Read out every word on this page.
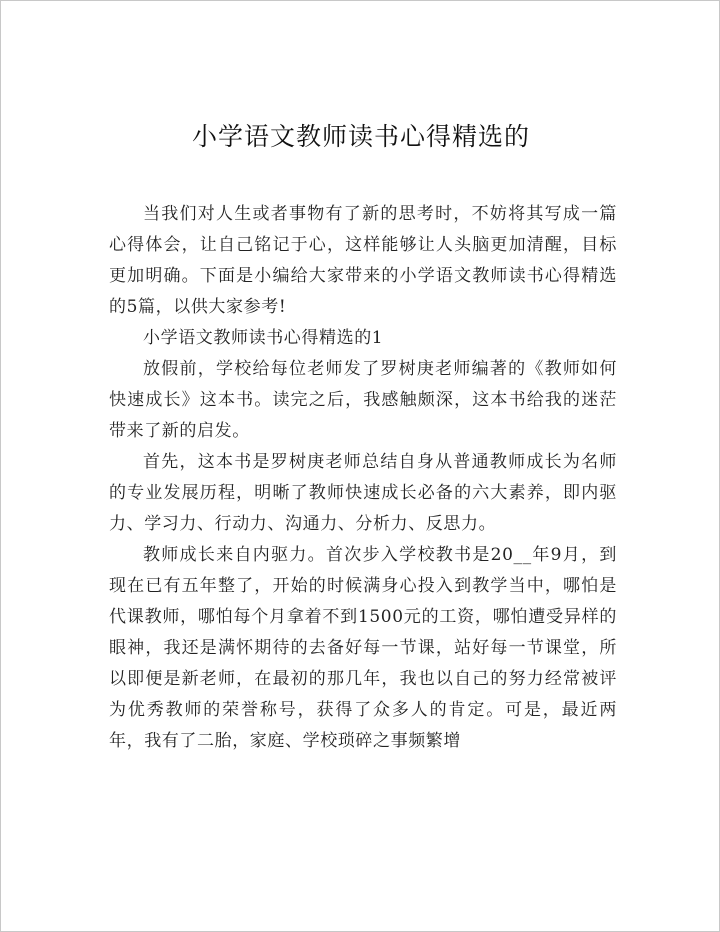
小学语文教师读书心得精选的

当我们对人生或者事物有了新的思考时，不妨将其写成一篇心得体会，让自己铭记于心，这样能够让人头脑更加清醒，目标更加明确。下面是小编给大家带来的小学语文教师读书心得精选的5篇，以供大家参考!

小学语文教师读书心得精选的1

放假前，学校给每位老师发了罗树庚老师编著的《教师如何快速成长》这本书。读完之后，我感触颇深，这本书给我的迷茫带来了新的启发。

首先，这本书是罗树庚老师总结自身从普通教师成长为名师的专业发展历程，明晰了教师快速成长必备的六大素养，即内驱力、学习力、行动力、沟通力、分析力、反思力。

教师成长来自内驱力。首次步入学校教书是20__年9月，到现在已有五年整了，开始的时候满身心投入到教学当中，哪怕是代课教师，哪怕每个月拿着不到1500元的工资，哪怕遭受异样的眼神，我还是满怀期待的去备好每一节课，站好每一节课堂，所以即便是新老师，在最初的那几年，我也以自己的努力经常被评为优秀教师的荣誉称号，获得了众多人的肯定。可是，最近两年，我有了二胎，家庭、学校琐碎之事频繁增
